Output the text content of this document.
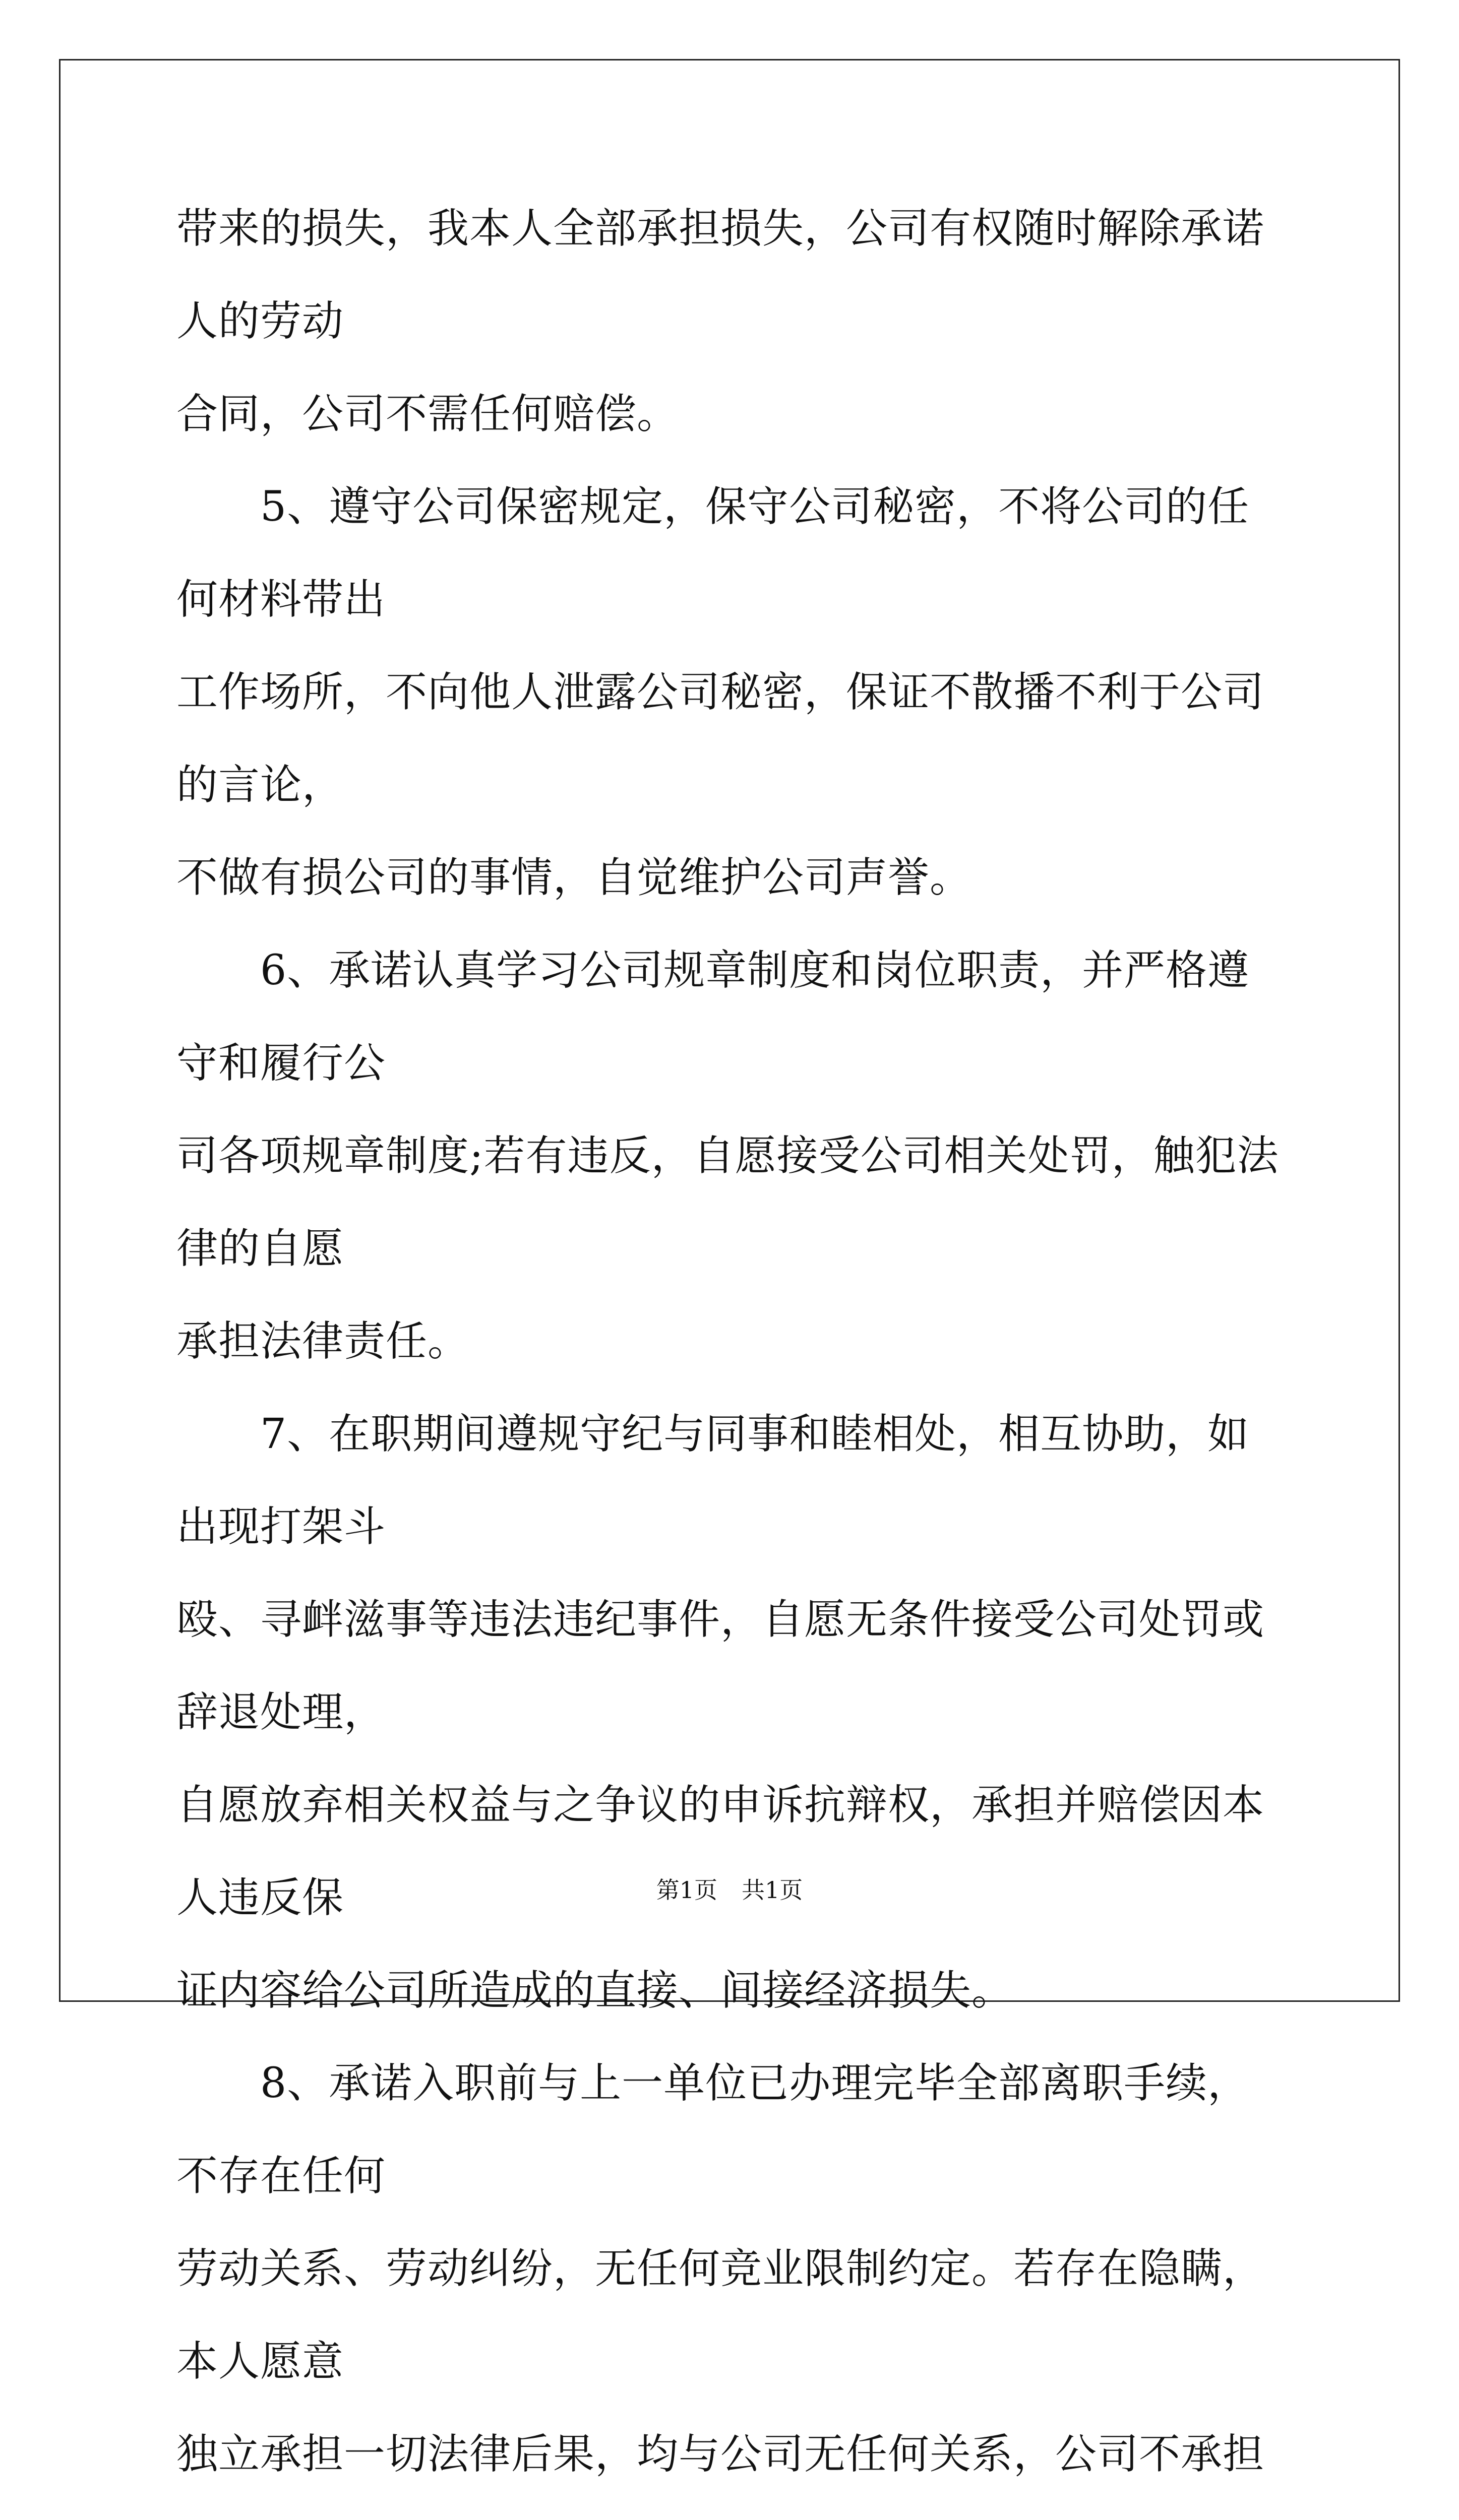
带来的损失，我本人全部承担损失，公司有权随时解除承诺人的劳动

合同，公司不需任何赔偿。

　　5、遵守公司保密规定，保守公司秘密，不将公司的任何材料带出

工作场所，不向他人泄露公司秘密，保证不散播不利于公司的言论，

不做有损公司的事情，自觉维护公司声誉。

　　6、承诺认真学习公司规章制度和岗位职责，并严格遵守和履行公

司各项规章制度;若有违反，自愿接受公司相关处罚，触犯法律的自愿

承担法律责任。

　　7、在职期间遵规守纪与同事和睦相处，相互协助，如出现打架斗

殴、寻衅滋事等违法违纪事件，自愿无条件接受公司处罚或辞退处理，

自愿放弃相关权益与之争议的申诉抗辩权，承担并赔偿因本人违反保

证内容给公司所造成的直接、间接经济损失。

　　8、承诺入职前与上一单位已办理完毕全部离职手续，不存在任何

劳动关系、劳动纠纷，无任何竞业限制约定。若存在隐瞒，本人愿意

独立承担一切法律后果，均与公司无任何关系，公司不承担

第1页 共1页
